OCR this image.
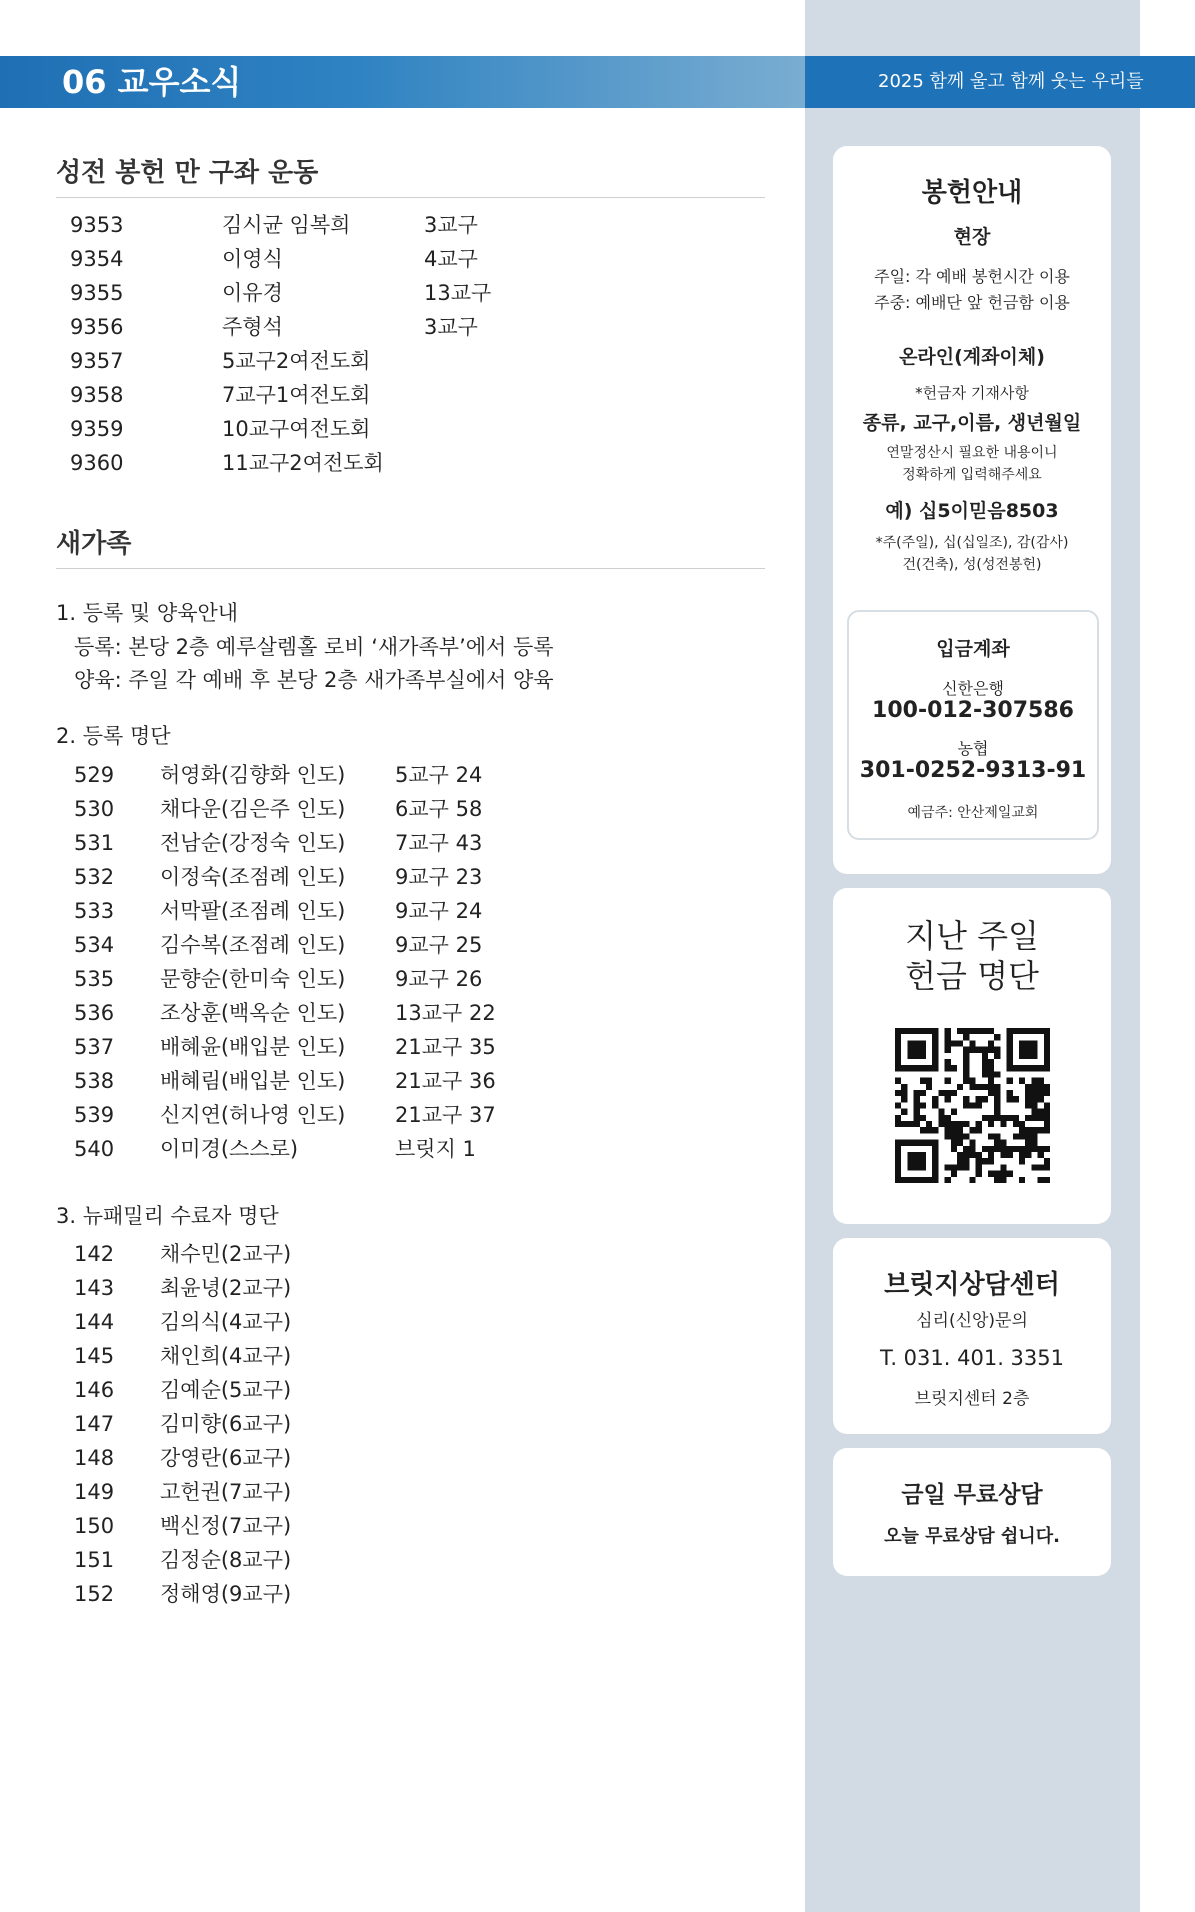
06 교우소식	2025 함께 울고 함께 웃는 우리들
성전 봉헌 만 구좌 운동
9353	김시균 임복희	3교구
9354	이영식	4교구
9355	이유경	13교구
9356	주형석	3교구
9357	5교구2여전도회
9358	7교구1여전도회
9359	10교구여전도회
9360	11교구2여전도회
새가족
1. 등록 및 양육안내
등록: 본당 2층 예루살렘홀 로비 ‘새가족부’에서 등록
양육: 주일 각 예배 후 본당 2층 새가족부실에서 양육
2. 등록 명단
529 허영화(김향화 인도) 5교구 24
530 채다운(김은주 인도) 6교구 58
531 전남순(강정숙 인도) 7교구 43
532 이정숙(조점례 인도) 9교구 23
533 서막팔(조점례 인도) 9교구 24
534 김수복(조점례 인도) 9교구 25
535 문향순(한미숙 인도) 9교구 26
536 조상훈(백옥순 인도) 13교구 22
537 배혜윤(배입분 인도) 21교구 35
538 배혜림(배입분 인도) 21교구 36
539 신지연(허나영 인도) 21교구 37
540 이미경(스스로)	브릿지 1
3. 뉴패밀리 수료자 명단
142 채수민(2교구)
143 최윤녕(2교구)
144 김의식(4교구)
145 채인희(4교구)
146 김예순(5교구)
147 김미향(6교구)
148 강영란(6교구)
149 고헌권(7교구)
150 백신정(7교구)
151 김정순(8교구)
152 정해영(9교구)
봉헌안내
현장
주일: 각 예배 봉헌시간 이용
주중: 예배단 앞 헌금함 이용
온라인(계좌이체)
*헌금자 기재사항
종류, 교구,이름, 생년월일
연말정산시 필요한 내용이니
정확하게 입력해주세요
예) 십5이믿음8503
*주(주일), 십(십일조), 감(감사)
건(건축), 성(성전봉헌)
입금계좌
신한은행
100-012-307586
농협
301-0252-9313-91
예금주: 안산제일교회
지난 주일
헌금 명단
브릿지상담센터
심리(신앙)문의
T. 031. 401. 3351
브릿지센터 2층
금일 무료상담
오늘 무료상담 쉽니다.
